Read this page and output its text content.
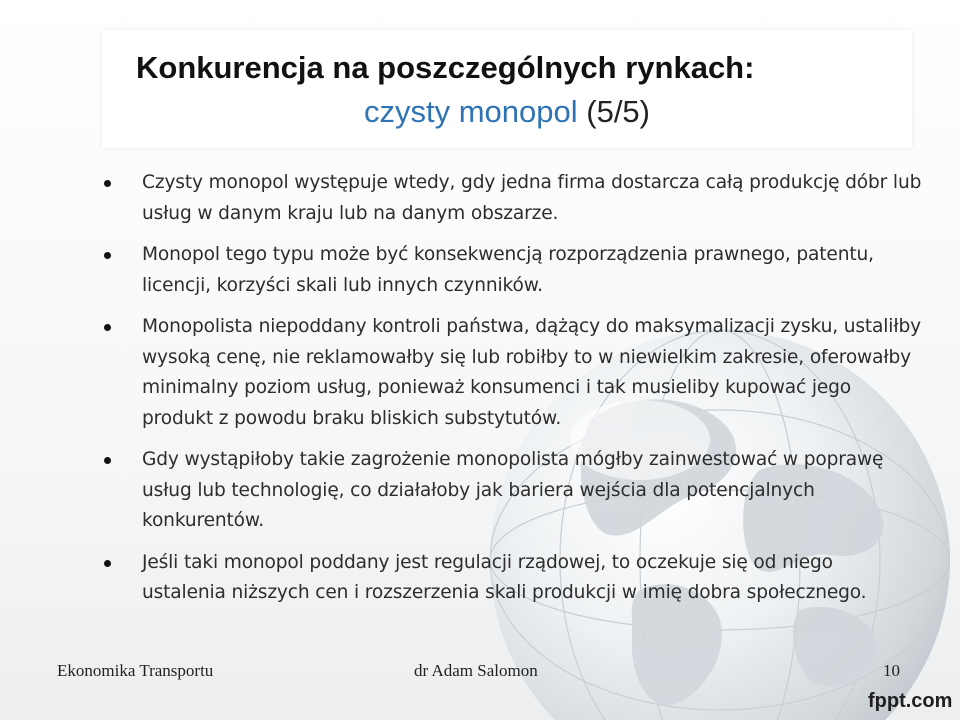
Konkurencja na poszczególnych rynkach:
czysty monopol (5/5)
Czysty monopol występuje wtedy, gdy jedna firma dostarcza całą produkcję dóbr lub usług w danym kraju lub na danym obszarze.
Monopol tego typu może być konsekwencją rozporządzenia prawnego, patentu, licencji, korzyści skali lub innych czynników.
Monopolista niepoddany kontroli państwa, dążący do maksymalizacji zysku, ustaliłby wysoką cenę, nie reklamowałby się lub robiłby to w niewielkim zakresie, oferowałby minimalny poziom usług, ponieważ konsumenci i tak musieliby kupować jego produkt z powodu braku bliskich substytutów.
Gdy wystąpiłoby takie zagrożenie monopolista mógłby zainwestować w poprawę usług lub technologię, co działałoby jak bariera wejścia dla potencjalnych konkurentów.
Jeśli taki monopol poddany jest regulacji rządowej, to oczekuje się od niego ustalenia niższych cen i rozszerzenia skali produkcji w imię dobra społecznego.
Ekonomika Transportu	dr Adam Salomon	10
fppt.com
